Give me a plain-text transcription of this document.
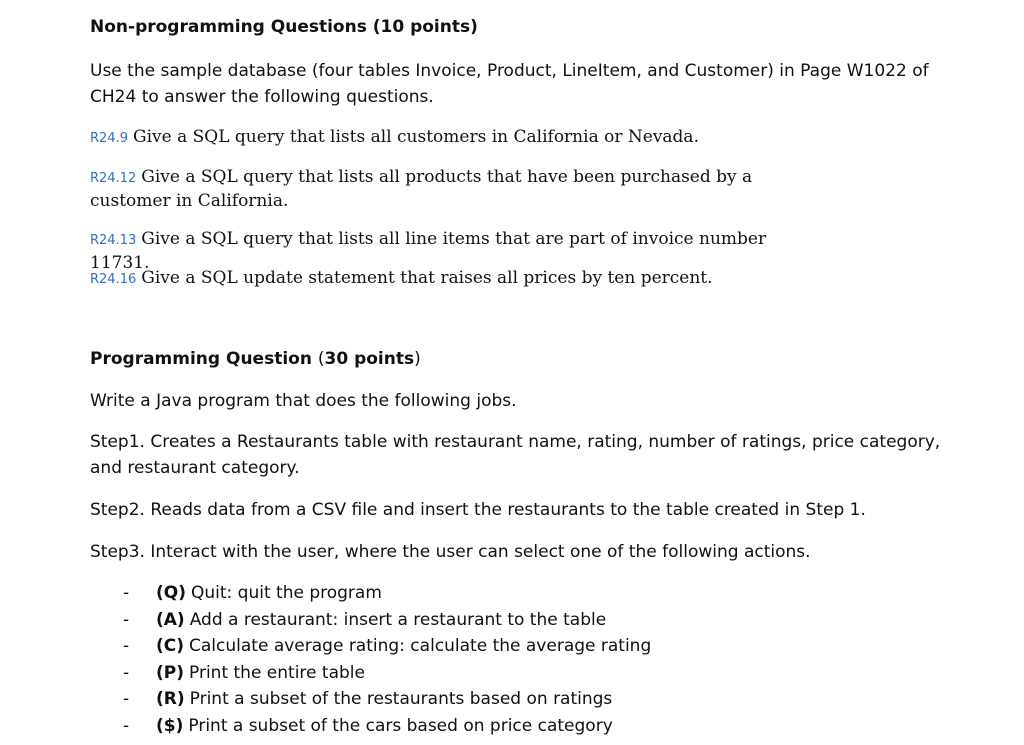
Non-programming Questions (10 points)
Use the sample database (four tables Invoice, Product, LineItem, and Customer) in Page W1022 of CH24 to answer the following questions.
R24.9 Give a SQL query that lists all customers in California or Nevada.
R24.12 Give a SQL query that lists all products that have been purchased by a customer in California.
R24.13 Give a SQL query that lists all line items that are part of invoice number 11731.
R24.16 Give a SQL update statement that raises all prices by ten percent.
Programming Question (30 points)
Write a Java program that does the following jobs.
Step1. Creates a Restaurants table with restaurant name, rating, number of ratings, price category, and restaurant category.
Step2. Reads data from a CSV file and insert the restaurants to the table created in Step 1.
Step3. Interact with the user, where the user can select one of the following actions.
- (Q) Quit: quit the program
- (A) Add a restaurant: insert a restaurant to the table
- (C) Calculate average rating: calculate the average rating
- (P) Print the entire table
- (R) Print a subset of the restaurants based on ratings
- ($) Print a subset of the cars based on price category
